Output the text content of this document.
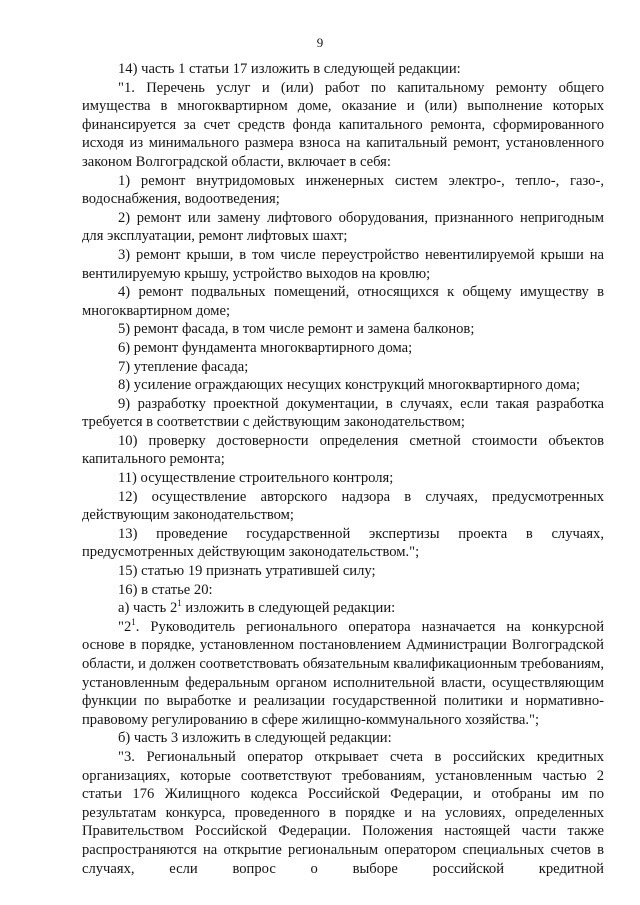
9

14) часть 1 статьи 17 изложить в следующей редакции:

"1. Перечень услуг и (или) работ по капитальному ремонту общего имущества в многоквартирном доме, оказание и (или) выполнение которых финансируется за счет средств фонда капитального ремонта, сформированного исходя из минимального размера взноса на капитальный ремонт, установленного законом Волгоградской области, включает в себя:

1) ремонт внутридомовых инженерных систем электро-, тепло-, газо-, водоснабжения, водоотведения;

2) ремонт или замену лифтового оборудования, признанного непригодным для эксплуатации, ремонт лифтовых шахт;

3) ремонт крыши, в том числе переустройство невентилируемой крыши на вентилируемую крышу, устройство выходов на кровлю;

4) ремонт подвальных помещений, относящихся к общему имуществу в многоквартирном доме;

5) ремонт фасада, в том числе ремонт и замена балконов;

6) ремонт фундамента многоквартирного дома;

7) утепление фасада;

8) усиление ограждающих несущих конструкций многоквартирного дома;

9) разработку проектной документации, в случаях, если такая разработка требуется в соответствии с действующим законодательством;

10) проверку достоверности определения сметной стоимости объектов капитального ремонта;

11) осуществление строительного контроля;

12) осуществление авторского надзора в случаях, предусмотренных действующим законодательством;

13) проведение государственной экспертизы проекта в случаях, предусмотренных действующим законодательством.";

15) статью 19 признать утратившей силу;

16) в статье 20:

а) часть $2^1$ изложить в следующей редакции:

"$2^1$. Руководитель регионального оператора назначается на конкурсной основе в порядке, установленном постановлением Администрации Волгоградской области, и должен соответствовать обязательным квалификационным требованиям, установленным федеральным органом исполнительной власти, осуществляющим функции по выработке и реализации государственной политики и нормативно-правовому регулированию в сфере жилищно-коммунального хозяйства.";

б) часть 3 изложить в следующей редакции:

"3. Региональный оператор открывает счета в российских кредитных организациях, которые соответствуют требованиям, установленным частью 2 статьи 176 Жилищного кодекса Российской Федерации, и отобраны им по результатам конкурса, проведенного в порядке и на условиях, определенных Правительством Российской Федерации. Положения настоящей части также распространяются на открытие региональным оператором специальных счетов в случаях, если вопрос о выборе российской кредитной
